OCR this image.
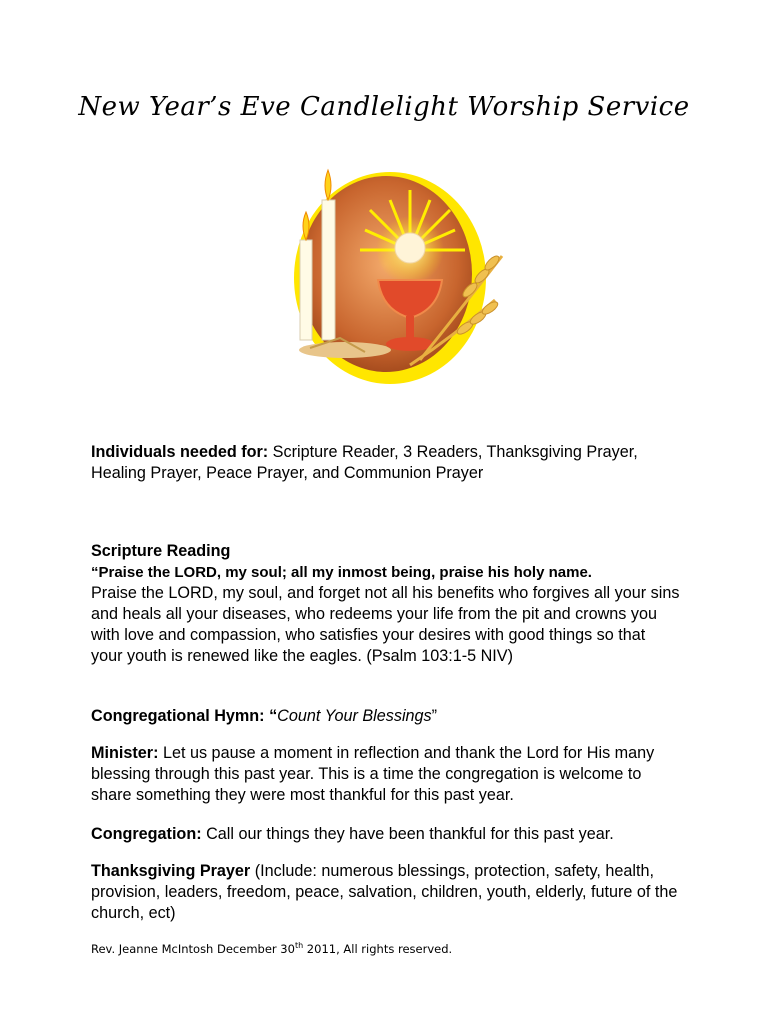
New Year’s Eve Candlelight Worship Service
Individuals needed for: Scripture Reader, 3 Readers, Thanksgiving Prayer, Healing Prayer, Peace Prayer, and Communion Prayer
Scripture Reading
“Praise the LORD, my soul; all my inmost being, praise his holy name.
Praise the LORD, my soul, and forget not all his benefits who forgives all your sins and heals all your diseases, who redeems your life from the pit and crowns you with love and compassion, who satisfies your desires with good things so that your youth is renewed like the eagles. (Psalm 103:1-5 NIV)
Congregational Hymn: “Count Your Blessings”
Minister: Let us pause a moment in reflection and thank the Lord for His many blessing through this past year. This is a time the congregation is welcome to share something they were most thankful for this past year.
Congregation: Call our things they have been thankful for this past year.
Thanksgiving Prayer (Include: numerous blessings, protection, safety, health, provision, leaders, freedom, peace, salvation, children, youth, elderly, future of the church, ect)
Rev. Jeanne McIntosh December 30th 2011, All rights reserved.
